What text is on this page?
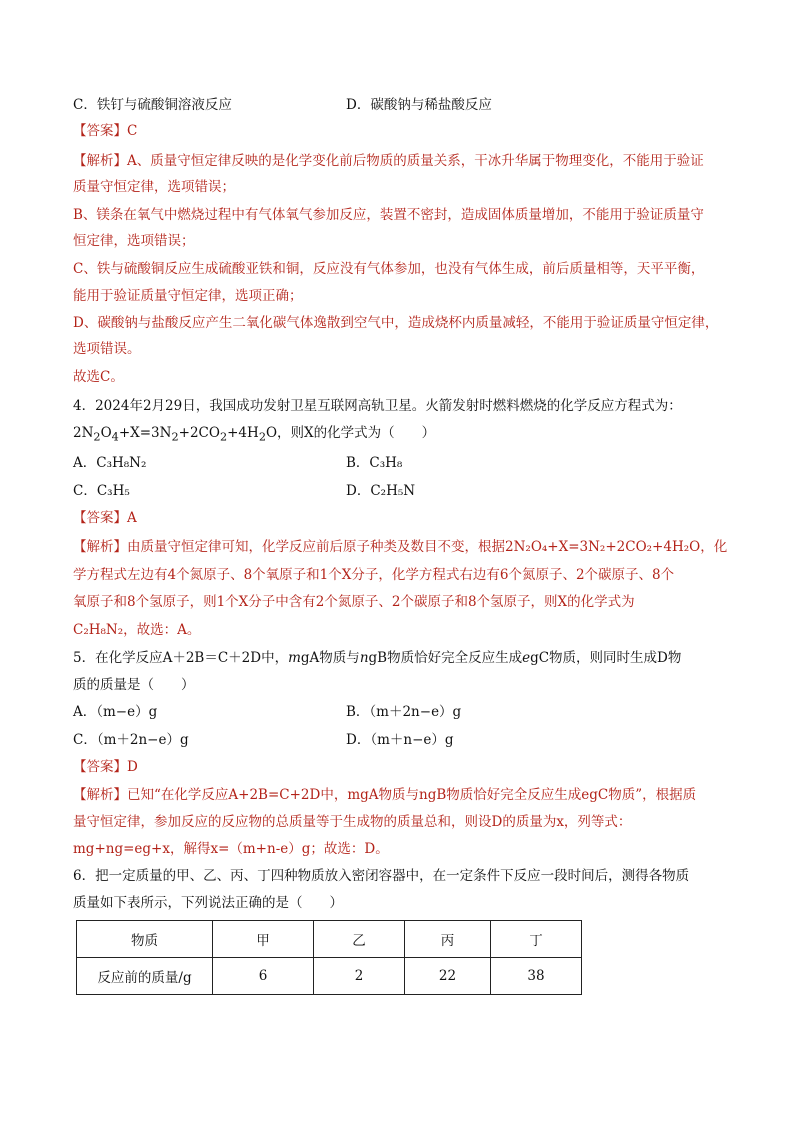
C．铁钉与硫酸铜溶液反应	D．碳酸钠与稀盐酸反应
【答案】C
【解析】A、质量守恒定律反映的是化学变化前后物质的质量关系，干冰升华属于物理变化，不能用于验证
质量守恒定律，选项错误；
B、镁条在氧气中燃烧过程中有气体氧气参加反应，装置不密封，造成固体质量增加，不能用于验证质量守
恒定律，选项错误；
C、铁与硫酸铜反应生成硫酸亚铁和铜，反应没有气体参加，也没有气体生成，前后质量相等，天平平衡，
能用于验证质量守恒定律，选项正确；
D、碳酸钠与盐酸反应产生二氧化碳气体逸散到空气中，造成烧杯内质量减轻，不能用于验证质量守恒定律，
选项错误。
故选C。
4．2024年2月29日，我国成功发射卫星互联网高轨卫星。火箭发射时燃料燃烧的化学反应方程式为：
$2N_2O_4+X=3N_2+2CO_2+4H_2O$，则X的化学式为（　　）
A．C₃H₈N₂	B．C₃H₈
C．C₃H₅	D．C₂H₅N
【答案】A
【解析】由质量守恒定律可知，化学反应前后原子种类及数目不变，根据2N₂O₄+X=3N₂+2CO₂+4H₂O，化
学方程式左边有4个氮原子、8个氧原子和1个X分子，化学方程式右边有6个氮原子、2个碳原子、8个
氧原子和8个氢原子，则1个X分子中含有2个氮原子、2个碳原子和8个氢原子，则X的化学式为
C₂H₈N₂，故选：A。
5．在化学反应A＋2B＝C＋2D中，mgA物质与ngB物质恰好完全反应生成egC物质，则同时生成D物
质的质量是（　　）
A．（m−e）g	B．（m＋2n−e）g
C．（m＋2n−e）g	D．（m＋n−e）g
【答案】D
【解析】已知“在化学反应A+2B=C+2D中，mgA物质与ngB物质恰好完全反应生成egC物质”，根据质
量守恒定律，参加反应的反应物的总质量等于生成物的质量总和，则设D的质量为x，列等式：
mg+ng=eg+x，解得x=（m+n-e）g；故选：D。
6．把一定质量的甲、乙、丙、丁四种物质放入密闭容器中，在一定条件下反应一段时间后，测得各物质
质量如下表所示，下列说法正确的是（　　）
物质	甲	乙	丙	丁
反应前的质量/g	6	2	22	38
